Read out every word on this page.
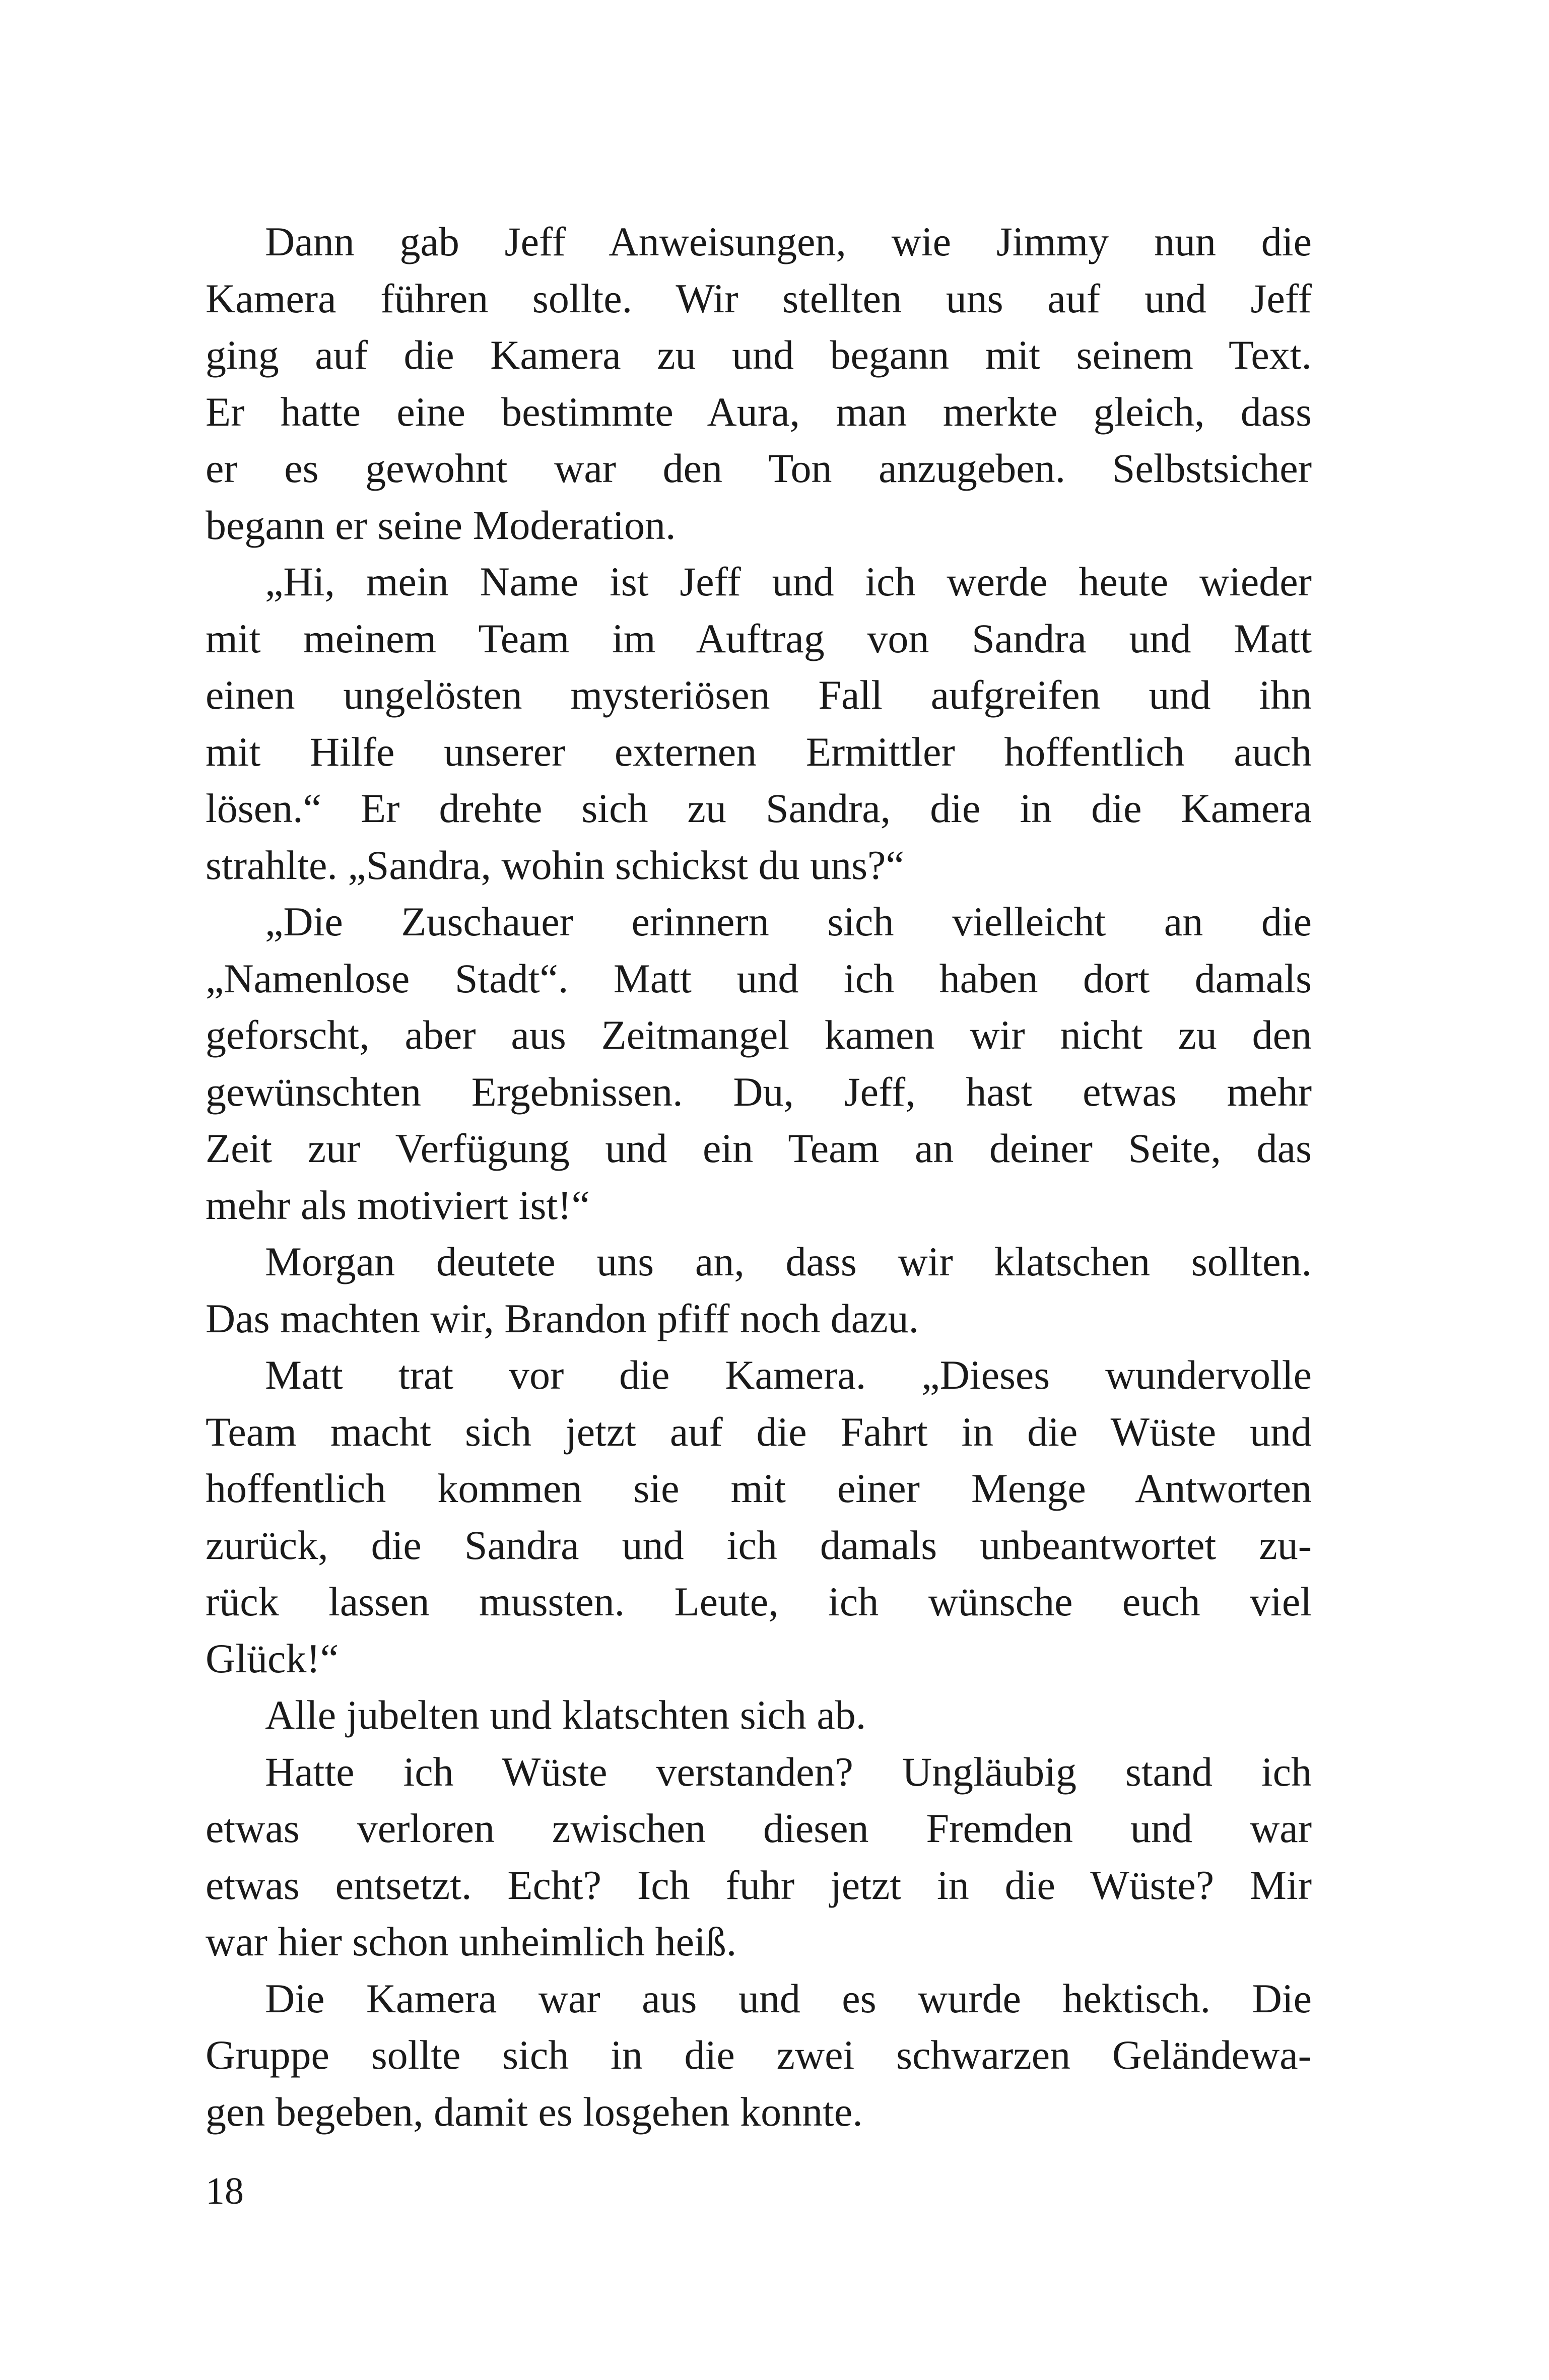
Dann gab Jeff Anweisungen, wie Jimmy nun die
Kamera führen sollte. Wir stellten uns auf und Jeff
ging auf die Kamera zu und begann mit seinem Text.
Er hatte eine bestimmte Aura, man merkte gleich, dass
er es gewohnt war den Ton anzugeben. Selbstsicher
begann er seine Moderation.

„Hi, mein Name ist Jeff und ich werde heute wieder
mit meinem Team im Auftrag von Sandra und Matt
einen ungelösten mysteriösen Fall aufgreifen und ihn
mit Hilfe unserer externen Ermittler hoffentlich auch
lösen.“ Er drehte sich zu Sandra, die in die Kamera
strahlte. „Sandra, wohin schickst du uns?“

„Die Zuschauer erinnern sich vielleicht an die
„Namenlose Stadt“. Matt und ich haben dort damals
geforscht, aber aus Zeitmangel kamen wir nicht zu den
gewünschten Ergebnissen. Du, Jeff, hast etwas mehr
Zeit zur Verfügung und ein Team an deiner Seite, das
mehr als motiviert ist!“

Morgan deutete uns an, dass wir klatschen sollten.
Das machten wir, Brandon pfiff noch dazu.

Matt trat vor die Kamera. „Dieses wundervolle
Team macht sich jetzt auf die Fahrt in die Wüste und
hoffentlich kommen sie mit einer Menge Antworten
zurück, die Sandra und ich damals unbeantwortet zu-
rück lassen mussten. Leute, ich wünsche euch viel
Glück!“

Alle jubelten und klatschten sich ab.

Hatte ich Wüste verstanden? Ungläubig stand ich
etwas verloren zwischen diesen Fremden und war
etwas entsetzt. Echt? Ich fuhr jetzt in die Wüste? Mir
war hier schon unheimlich heiß.

Die Kamera war aus und es wurde hektisch. Die
Gruppe sollte sich in die zwei schwarzen Geländewa-
gen begeben, damit es losgehen konnte.

18
